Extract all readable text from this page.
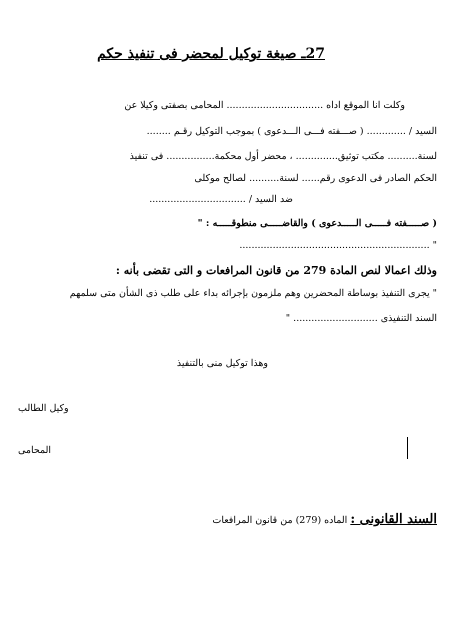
27ـ صيغة توكيل لمحضر فى تنفيذ حكم
وكلت انا الموقع اداه ................................ المحامى بصفتى وكيلا عن
السيد / ............. ( صـــفته فـــى الـــدعوى ) بموجب التوكيل رقـم ........
لسنة.......... مكتب توثيق.............. ، محضر أول محكمة................ فى تنفيذ
الحكم الصادر فى الدعوى رقم...... لسنة.......... لصالح موكلى
ضد السيد / ................................
( صـــــفته فـــــى الـــــدعوى ) والقاضـــــى منطوقـــــه : "
" ...............................................................
وذلك اعمالا لنص المادة 279 من قانون المرافعات و التى تقضى بأنه :
" يجرى التنفيذ بوساطة المحضرين وهم ملزمون بإجرائه بداء على طلب ذى الشأن متى سلمهم
السند التنفيذى ............................ "
وهذا توكيل منى بالتنفيذ
وكيل الطالب
المحامى
السند القانونى : الماده (279) من قانون المرافعات
